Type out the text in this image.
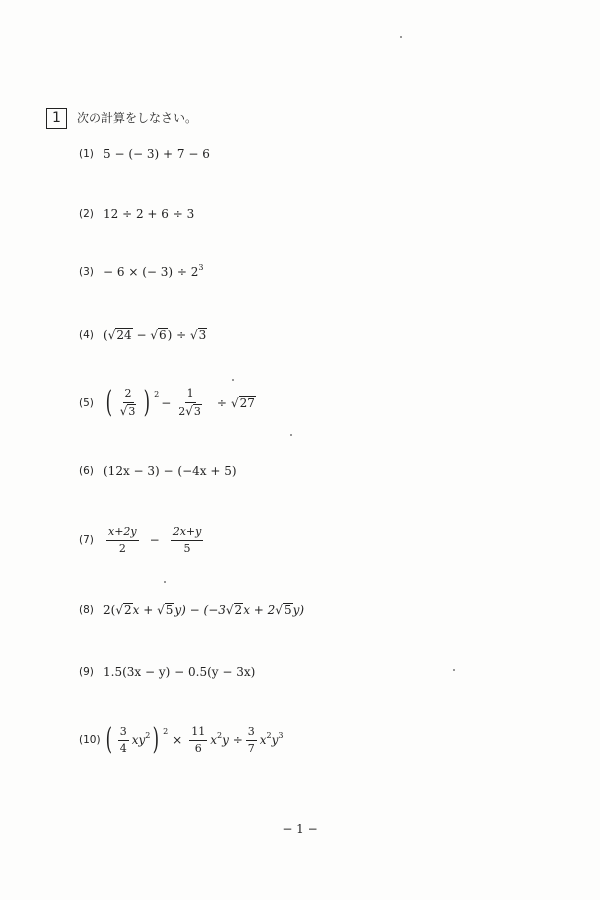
1	次の計算をしなさい。
(1) 5 − (− 3) + 7 − 6
(2) 12 ÷ 2 + 6 ÷ 3
(3) − 6 × (− 3) ÷ 2 3
(4) ( √ 24 − √ 6 ) ÷ √ 3
(5) ( $\frac{2}{√ 3}$ ) 2
− $\frac{1}{2 √ 3}$ ÷ √ 27
(6) (12x − 3) − (−4x + 5)
(7)	$\frac{x+2y}{2} - \frac{2x+y}{5}$
(8) 2( √ 2 x + √ 5 y) − (−3 √ 2 x + 2 √ 5 y)
(9) 1.5(3x − y) − 0.5(y − 3x)
(10) ( $\frac{3}{4}$ xy 2 ) 2
× $\frac{11}{6}$ x 2 $y \div \frac{3}{7}$ x 2 y 3
− 1 −
